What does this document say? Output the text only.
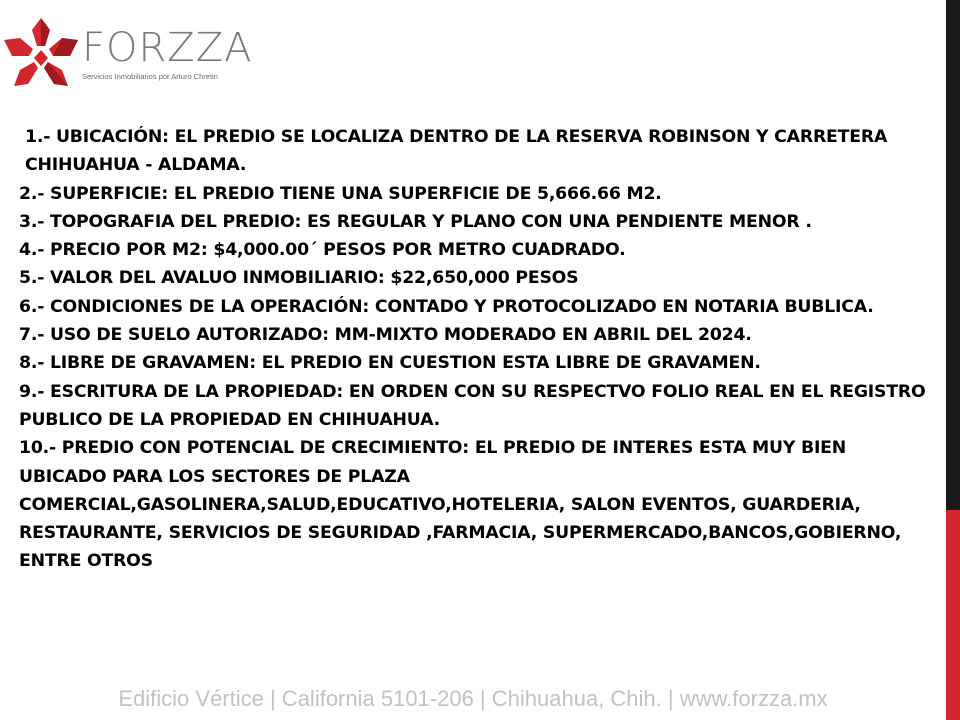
FORZZA
Servicios Inmobiliarios por Arturo Chretin

1.- UBICACIÓN: EL PREDIO SE LOCALIZA DENTRO DE LA RESERVA ROBINSON Y CARRETERA CHIHUAHUA - ALDAMA.

2.- SUPERFICIE: EL PREDIO TIENE UNA SUPERFICIE DE 5,666.66 M2.

3.- TOPOGRAFIA DEL PREDIO: ES REGULAR Y PLANO CON UNA PENDIENTE MENOR .

4.- PRECIO POR M2: $4,000.00´ PESOS POR METRO CUADRADO.

5.- VALOR DEL AVALUO INMOBILIARIO: $22,650,000 PESOS

6.- CONDICIONES DE LA OPERACIÓN: CONTADO Y PROTOCOLIZADO EN NOTARIA BUBLICA.

7.- USO DE SUELO AUTORIZADO: MM-MIXTO MODERADO EN ABRIL DEL 2024.

8.- LIBRE DE GRAVAMEN: EL PREDIO EN CUESTION ESTA LIBRE DE GRAVAMEN.

9.- ESCRITURA DE LA PROPIEDAD: EN ORDEN CON SU RESPECTVO FOLIO REAL EN EL REGISTRO PUBLICO DE LA PROPIEDAD EN CHIHUAHUA.

10.- PREDIO CON POTENCIAL DE CRECIMIENTO: EL PREDIO DE INTERES ESTA MUY BIEN UBICADO PARA LOS SECTORES DE PLAZA COMERCIAL,GASOLINERA,SALUD,EDUCATIVO,HOTELERIA, SALON EVENTOS, GUARDERIA, RESTAURANTE, SERVICIOS DE SEGURIDAD ,FARMACIA, SUPERMERCADO,BANCOS,GOBIERNO, ENTRE OTROS

Edificio Vértice | California 5101-206 | Chihuahua, Chih. | www.forzza.mx
